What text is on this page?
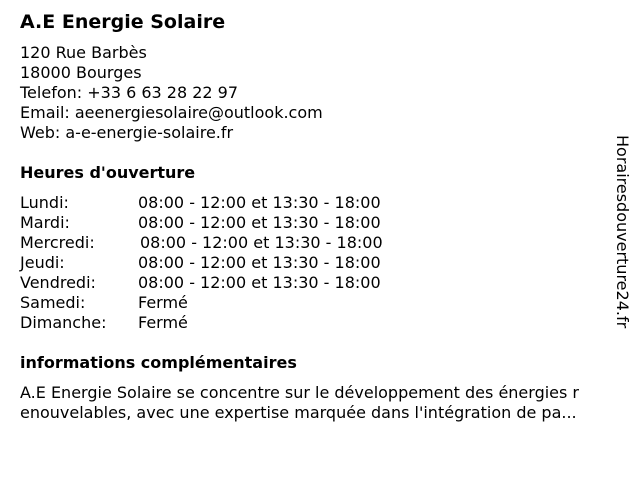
A.E Energie Solaire
120 Rue Barbès
18000 Bourges
Telefon: +33 6 63 28 22 97
Email: aeenergiesolaire@outlook.com
Web: a-e-energie-solaire.fr
Heures d'ouverture
Lundi:	08:00 - 12:00 et 13:30 - 18:00
Mardi:	08:00 - 12:00 et 13:30 - 18:00
Mercredi:	08:00 - 12:00 et 13:30 - 18:00
Jeudi:	08:00 - 12:00 et 13:30 - 18:00
Vendredi:	08:00 - 12:00 et 13:30 - 18:00
Samedi:	Fermé
Dimanche: Fermé
informations complémentaires
A.E Energie Solaire se concentre sur le développement des énergies r
enouvelables, avec une expertise marquée dans l'intégration de pa...
Horairesdouverture24.fr
